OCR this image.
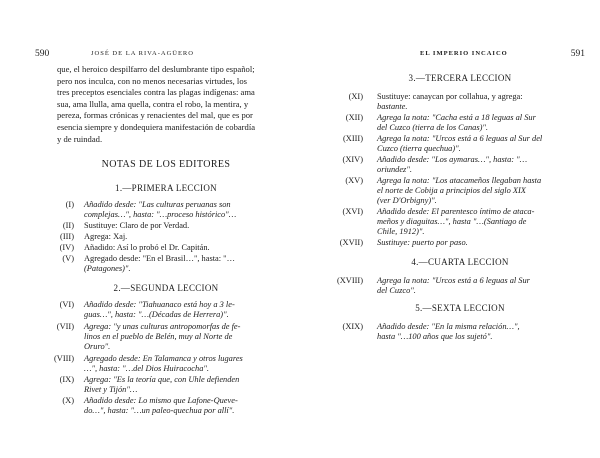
590	JOSÉ DE LA RIVA-AGÜERO

que, el heroico despilfarro del deslumbrante tipo español;

pero nos inculca, con no menos necesarias virtudes, los

tres preceptos esenciales contra las plagas indígenas: ama

sua, ama llulla, ama quella, contra el robo, la mentira, y

pereza, formas crónicas y renacientes del mal, que es por

esencia siempre y dondequiera manifestación de cobardía

y de ruindad.

NOTAS DE LOS EDITORES
1.—PRIMERA LECCION
(I) Añadido desde: "Las culturas peruanas son
complejas…", hasta: "…proceso histórico"…
(II) Sustituye: Claro de por Verdad.
(III) Agrega: Xaj.
(IV) Añadido: Así lo probó el Dr. Capitán.
(V) Agregado desde: "En el Brasil…", hasta: "…
(Patagones)".
2.—SEGUNDA LECCION
(VI) Añadido desde: "Tiahuanaco está hoy a 3 le-
guas…", hasta: "…(Décadas de Herrera)".
(VII) Agrega: "y unas culturas antropomorfas de fe-
linos en el pueblo de Belén, muy al Norte de
Oruro".
(VIII) Agregado desde: En Talamanca y otros lugares
…", hasta: "…del Dios Huiracocha".
(IX) Agrega: "Es la teoría que, con Uhle defienden
Rivet y Tijón"…
(X) Añadido desde: Lo mismo que Lafone-Queve-
do…", hasta: "…un paleo-quechua por allí".
EL IMPERIO INCAICO	591
3.—TERCERA LECCION
(XI) Sustituye: canaycan por collahua, y agrega:
bastante.
(XII) Agrega la nota: "Cacha está a 18 leguas al Sur
del Cuzco (tierra de los Canas)".
(XIII) Agrega la nota: "Urcos está a 6 leguas al Sur del
Cuzco (tierra quechua)".
(XIV) Añadido desde: "Los aymaras…", hasta: "…
oriundez".
(XV) Agrega la nota: "Los atacameños llegaban hasta
el norte de Cobija a principios del siglo XIX
(ver D'Orbigny)".
(XVI) Añadido desde: El parentesco íntimo de ataca-
meños y diaguitas…", hasta "…(Santiago de
Chile, 1912)".
(XVII) Sustituye: puerto por paso.
4.—CUARTA LECCION
(XVIII) Agrega la nota: "Urcos está a 6 leguas al Sur
del Cuzco".
5.—SEXTA LECCION
(XIX) Añadido desde: "En la misma relación…",
hasta "…100 años que los sujetó".
